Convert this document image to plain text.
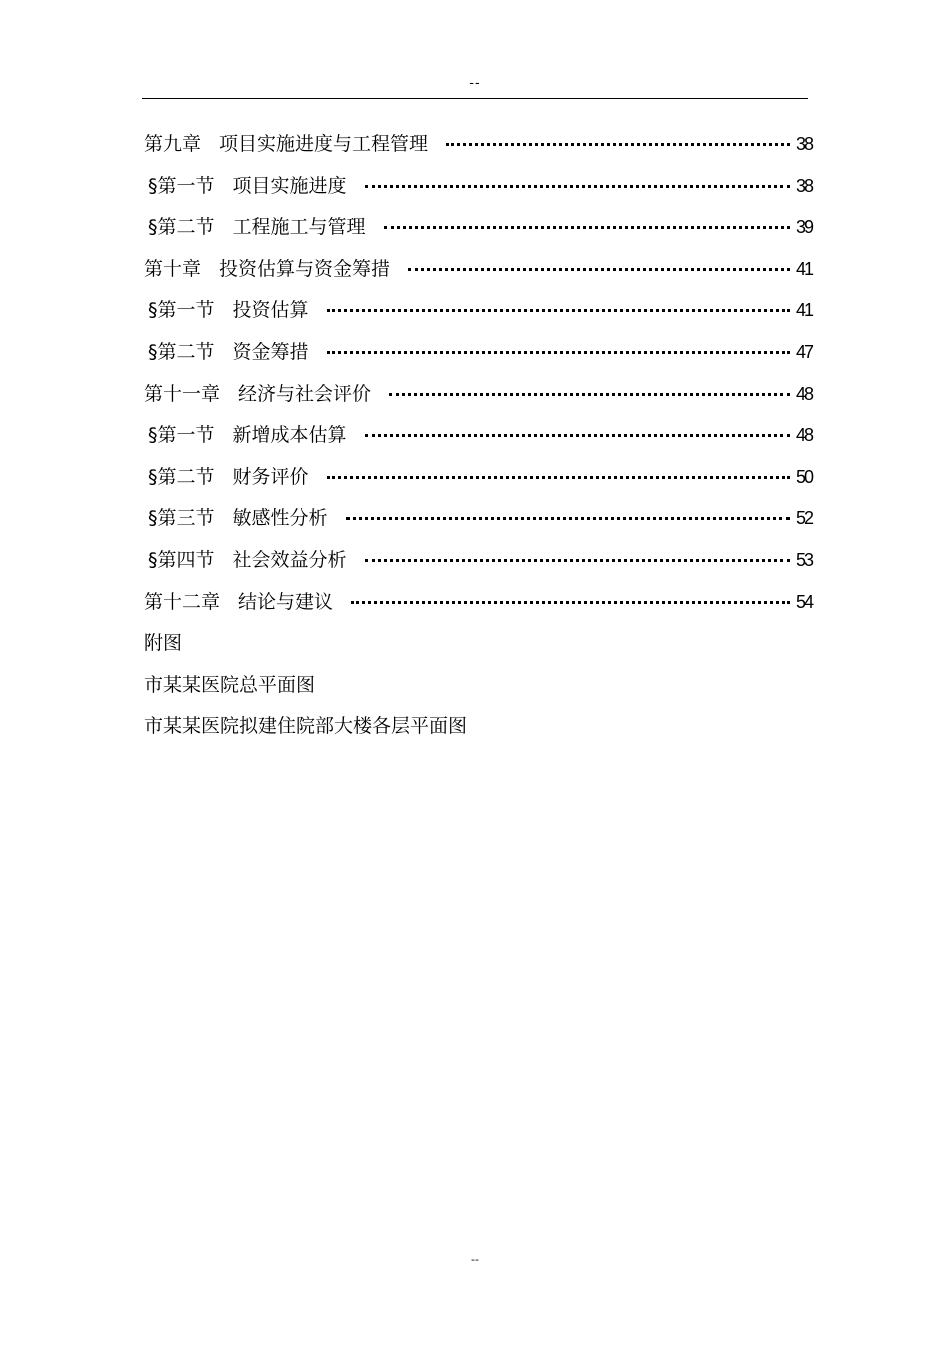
--
第九章 项目实施进度与工程管理	38
§第一节 项目实施进度	38
§第二节 工程施工与管理	39
第十章 投资估算与资金筹措	41
§第一节 投资估算	41
§第二节 资金筹措	47
第十一章 经济与社会评价	48
§第一节 新增成本估算	48
§第二节 财务评价	50
§第三节 敏感性分析	52
§第四节 社会效益分析	53
第十二章 结论与建议	54
附图
市某某医院总平面图
市某某医院拟建住院部大楼各层平面图
--
